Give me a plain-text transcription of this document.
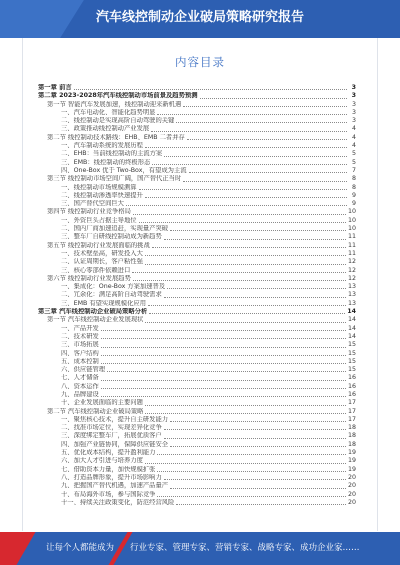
汽车线控制动企业破局策略研究报告
内容目录
第一章 前言	3
第二章 2023-2028年汽车线控制动市场前景及趋势预测	3
第一节 智能汽车发展加速，线控制动迎来新机遇	3
一、汽车电动化、智能化趋势明显	3
二、线控制动是实现高阶自动驾驶的关键	3
三、政策推动线控制动产业发展	4
第二节 线控制动技术路线：EHB、EMB 二者并存	4
一、汽车制动系统的发展历程	4
二、EHB：当前线控制动的主流方案	5
三、EMB：线控制动的终极形态	5
四、One-Box 优于 Two-Box，有望成为主流	7
第三节 线控制动市场空间广阔，国产替代正当时	8
一、线控制动市场规模测算	8
二、线控制动渗透率快速提升	9
三、国产替代空间巨大	9
第四节 线控制动行业竞争格局	10
一、外资巨头占据主导地位	10
二、国内厂商加速追赶，实现量产突破	10
三、整车厂自研线控制动成为新趋势	11
第五节 线控制动行业发展面临的挑战	11
一、技术壁垒高，研发投入大	11
二、认证周期长，客户粘性强	12
三、核心零部件依赖进口	12
第六节 线控制动行业发展趋势	12
一、集成化：One-Box 方案加速普及	13
二、冗余化：满足高阶自动驾驶需求	13
三、EMB 有望实现规模化应用	13
第三章 汽车线控制动企业破局策略分析	14
第一节 汽车线控制动企业发展现状	14
一、产品开发	14
二、技术研发	14
三、市场拓展	15
四、客户结构	15
五、成本控制	15
六、供应链管理	15
七、人才储备	16
八、资本运作	16
九、品牌建设	16
十、企业发展面临的主要问题	17
第二节 汽车线控制动企业破局策略	17
一、聚焦核心技术，提升自主研发能力	17
二、找准市场定位，实现差异化竞争	18
三、深度绑定整车厂，拓展优质客户	18
四、加强产业链协同，保障供应链安全	18
五、优化成本结构，提升盈利能力	19
六、加大人才引进与培养力度	19
七、借助资本力量，加快规模扩张	19
八、打造品牌形象，提升市场影响力	20
九、把握国产替代机遇，加速产品量产	20
十、布局海外市场，参与国际竞争	20
十一、持续关注政策变化，防范经营风险	20
让每个人都能成为 行业专家、管理专家、营销专家、战略专家、成功企业家……
